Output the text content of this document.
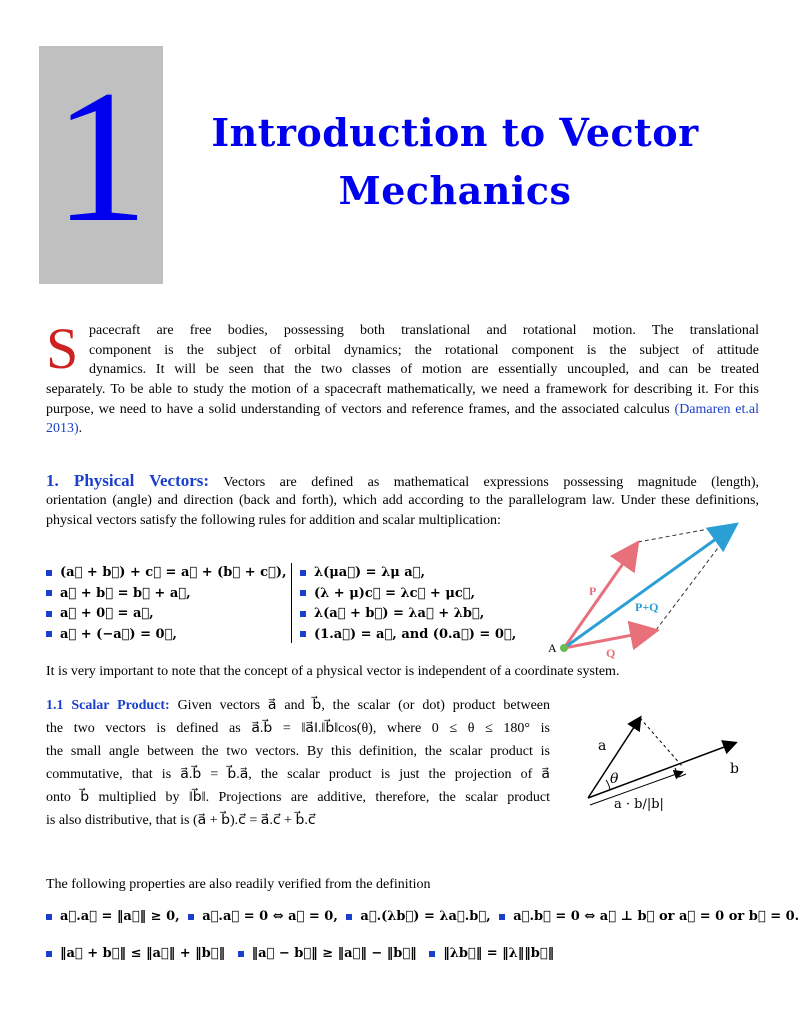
1	Introduction to Vector
Mechanics
S pacecraft are free bodies, possessing both translational and rotational motion. The translational
component is the subject of orbital dynamics; the rotational component is the subject of attitude
dynamics. It will be seen that the two classes of motion are essentially uncoupled, and can be treated
separately. To be able to study the motion of a spacecraft mathematically, we need a framework for describing it. For this purpose, we need to have a solid understanding of vectors and reference frames, and the associated calculus (Damaren et.al 2013).
1. Physical Vectors: Vectors are defined as mathematical expressions possessing magnitude (length),
orientation (angle) and direction (back and forth), which add according to the parallelogram law. Under these definitions, physical vectors satisfy the following rules for addition and scalar multiplication:
(a⃗ + b⃗) + c⃗ = a⃗ + (b⃗ + c⃗),
a⃗ + b⃗ = b⃗ + a⃗,
a⃗ + 0⃗ = a⃗,
a⃗ + (−a⃗) = 0⃗,
λ(μa⃗) = λμ a⃗,
(λ + μ)c⃗ = λc⃗ + μc⃗,
λ(a⃗ + b⃗) = λa⃗ + λb⃗,
(1.a⃗) = a⃗, and (0.a⃗) = 0⃗,
P
Q
P+Q
A
It is very important to note that the concept of a physical vector is independent of a coordinate system.
1.1 Scalar Product: Given vectors a⃗ and b⃗, the scalar (or dot) product between
the two vectors is defined as a⃗.b⃗ = ‖a⃗‖.‖b⃗‖cos(θ), where 0 ≤ θ ≤ 180° is
the small angle between the two vectors. By this definition, the scalar product is
commutative, that is a⃗.b⃗ = b⃗.a⃗, the scalar product is just the projection of a⃗
onto b⃗ multiplied by ‖b⃗‖. Projections are additive, therefore, the scalar product
is also distributive, that is (a⃗ + b⃗).c⃗ = a⃗.c⃗ + b⃗.c⃗
a
b
θ
a · b/|b|
The following properties are also readily verified from the definition
a⃗.a⃗ = ‖a⃗‖ ≥ 0, a⃗.a⃗ = 0 ⇔ a⃗ = 0, a⃗.(λb⃗) = λa⃗.b⃗, a⃗.b⃗ = 0 ⇔ a⃗ ⊥ b⃗ or a⃗ = 0 or b⃗ = 0.
‖a⃗ + b⃗‖ ≤ ‖a⃗‖ + ‖b⃗‖ ‖a⃗ − b⃗‖ ≥ ‖a⃗‖ − ‖b⃗‖ ‖λb⃗‖ = ‖λ‖‖b⃗‖
